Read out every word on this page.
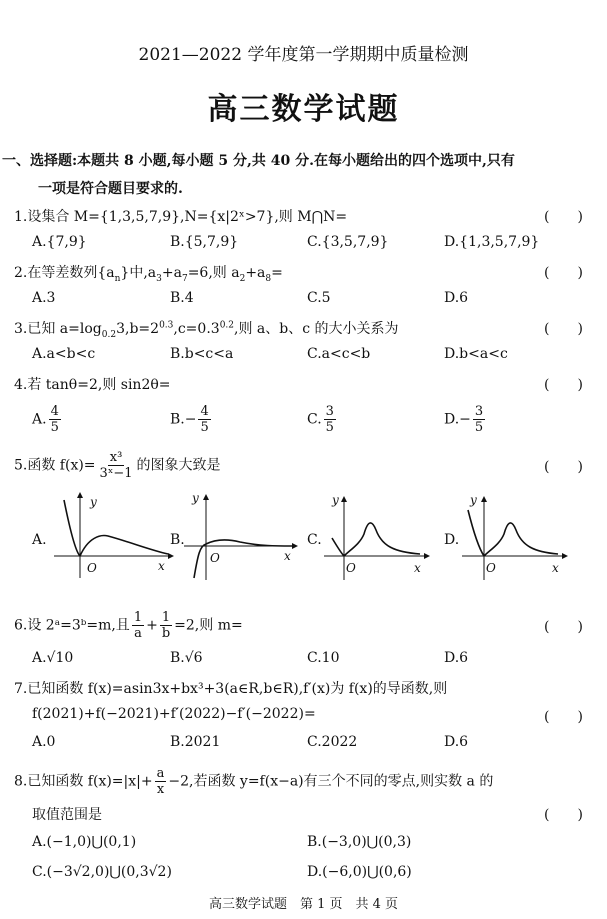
2021—2022 学年度第一学期期中质量检测
高三数学试题
一、选择题:本题共 8 小题,每小题 5 分,共 40 分.在每小题给出的四个选项中,只有
一项是符合题目要求的.
1.设集合 M={1,3,5,7,9},N={x|2ˣ>7},则 M⋂N=	(　　)
A.{7,9}	B.{5,7,9}	C.{3,5,7,9}	D.{1,3,5,7,9}
2.在等差数列$\{a_n\}$中$,a_3+a_7=6$,则 $a_2+a_8=$	(　　)
A.3	B.4	C.5	D.6
3.已知 $a=\log_{0.2}3,b=2^{0.3},c=0.3^{0.2}$,则 a、b、c 的大小关系为	(　　)
A.a<b<c	B.b<c<a	C.a<c<b	D.b<a<c
4.若 tanθ=2,则 sin2θ=	(　　)
A. $\frac{4}{5}$	$B.- \frac{4}{5}$	C. $\frac{3}{5}$	$D.- \frac{3}{5}$
5.函数 $f(x)= \frac{\text{x³}}{\text{3ˣ−1}}$ 的图象大致是	(　　)
A.
y
O	x
B.
y
O	x
C.
y
O	x
D.
y
O	x
6.设 2ᵃ=3ᵇ=m,且 $\frac{1}{a} + \frac{1}{b} =2$,则 m=	(　　)
A.√10	B.√6	C.10	D.6
7.已知函数 f(x)=asin3x+bx³+3(a∈R,b∈R),f′(x)为 f(x)的导函数,则
f(2021)+f(−2021)+f′(2022)−f′(−2022)=	(　　)
A.0	B.2021	C.2022	D.6
8.已知函数 $f(x)=|x|+ \frac{a}{x} -2$,若函数 y=f(x−a)有三个不同的零点,则实数 a 的
取值范围是	(　　)
A.(−1,0)⋃(0,1)	B.(−3,0)⋃(0,3)
C.(−3√2,0)⋃(0,3√2)	D.(−6,0)⋃(0,6)
高三数学试题　第 1 页　共 4 页
